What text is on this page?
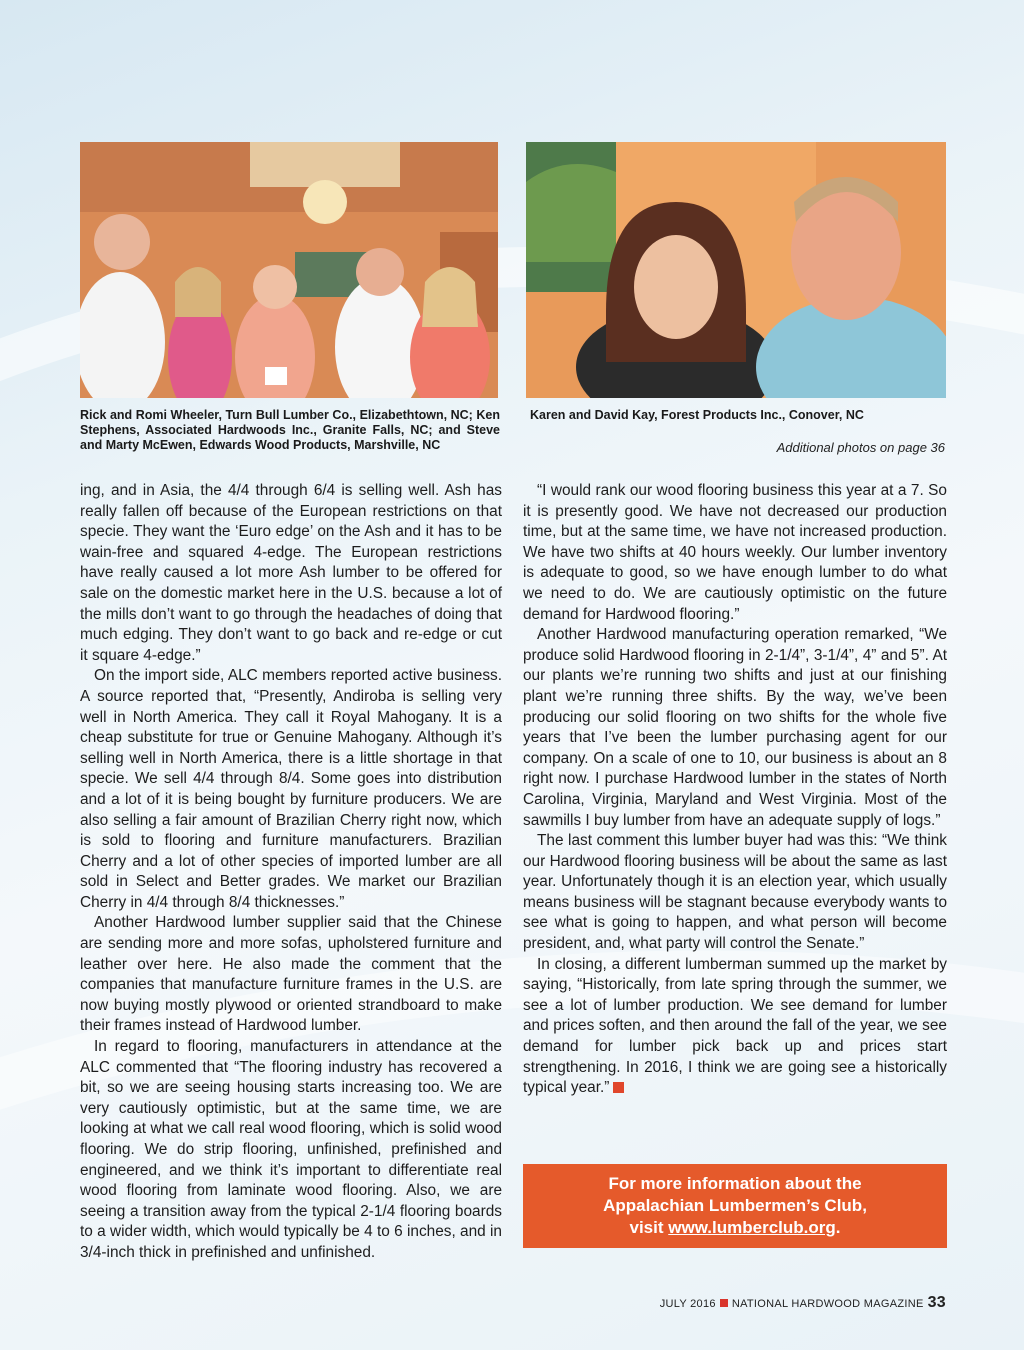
Rick and Romi Wheeler, Turn Bull Lumber Co., Elizabethtown, NC; Ken Stephens, Associated Hardwoods Inc., Granite Falls, NC; and Steve and Marty McEwen, Edwards Wood Products, Marshville, NC
Karen and David Kay, Forest Products Inc., Conover, NC
Additional photos on page 36

ing, and in Asia, the 4/4 through 6/4 is selling well. Ash has really fallen off because of the European restrictions on that specie. They want the ‘Euro edge’ on the Ash and it has to be wain-free and squared 4-edge. The European restrictions have really caused a lot more Ash lumber to be offered for sale on the domestic market here in the U.S. because a lot of the mills don’t want to go through the headaches of doing that much edging. They don’t want to go back and re-edge or cut it square 4-edge.”

On the import side, ALC members reported active business. A source reported that, “Presently, Andiroba is selling very well in North America. They call it Royal Mahogany. It is a cheap substitute for true or Genuine Mahogany. Although it’s selling well in North America, there is a little shortage in that specie. We sell 4/4 through 8/4. Some goes into distribution and a lot of it is being bought by furniture producers. We are also selling a fair amount of Brazilian Cherry right now, which is sold to flooring and furniture manufacturers. Brazilian Cherry and a lot of other species of imported lumber are all sold in Select and Better grades. We market our Brazilian Cherry in 4/4 through 8/4 thicknesses.”

Another Hardwood lumber supplier said that the Chinese are sending more and more sofas, upholstered furniture and leather over here. He also made the comment that the companies that manufacture furniture frames in the U.S. are now buying mostly plywood or oriented strandboard to make their frames instead of Hardwood lumber.

In regard to flooring, manufacturers in attendance at the ALC commented that “The flooring industry has recovered a bit, so we are seeing housing starts increasing too. We are very cautiously optimistic, but at the same time, we are looking at what we call real wood flooring, which is solid wood flooring. We do strip flooring, unfinished, prefinished and engineered, and we think it’s important to differentiate real wood flooring from laminate wood flooring. Also, we are seeing a transition away from the typical 2-1/4 flooring boards to a wider width, which would typically be 4 to 6 inches, and in 3/4-inch thick in prefinished and unfinished.

“I would rank our wood flooring business this year at a 7. So it is presently good. We have not decreased our production time, but at the same time, we have not increased production. We have two shifts at 40 hours weekly. Our lumber inventory is adequate to good, so we have enough lumber to do what we need to do. We are cautiously optimistic on the future demand for Hardwood flooring.”

Another Hardwood manufacturing operation remarked, “We produce solid Hardwood flooring in 2-1/4”, 3-1/4”, 4” and 5”. At our plants we’re running two shifts and just at our finishing plant we’re running three shifts. By the way, we’ve been producing our solid flooring on two shifts for the whole five years that I’ve been the lumber purchasing agent for our company. On a scale of one to 10, our business is about an 8 right now. I purchase Hardwood lumber in the states of North Carolina, Virginia, Maryland and West Virginia. Most of the sawmills I buy lumber from have an adequate supply of logs.”

The last comment this lumber buyer had was this: “We think our Hardwood flooring business will be about the same as last year. Unfortunately though it is an election year, which usually means business will be stagnant because everybody wants to see what is going to happen, and what person will become president, and, what party will control the Senate.”

In closing, a different lumberman summed up the market by saying, “Historically, from late spring through the summer, we see a lot of lumber production. We see demand for lumber and prices soften, and then around the fall of the year, we see demand for lumber pick back up and prices start strengthening. In 2016, I think we are going see a historically typical year.”

For more information about the
Appalachian Lumbermen’s Club,
visit www.lumberclub.org.
JULY 2016 NATIONAL HARDWOOD MAGAZINE 33
